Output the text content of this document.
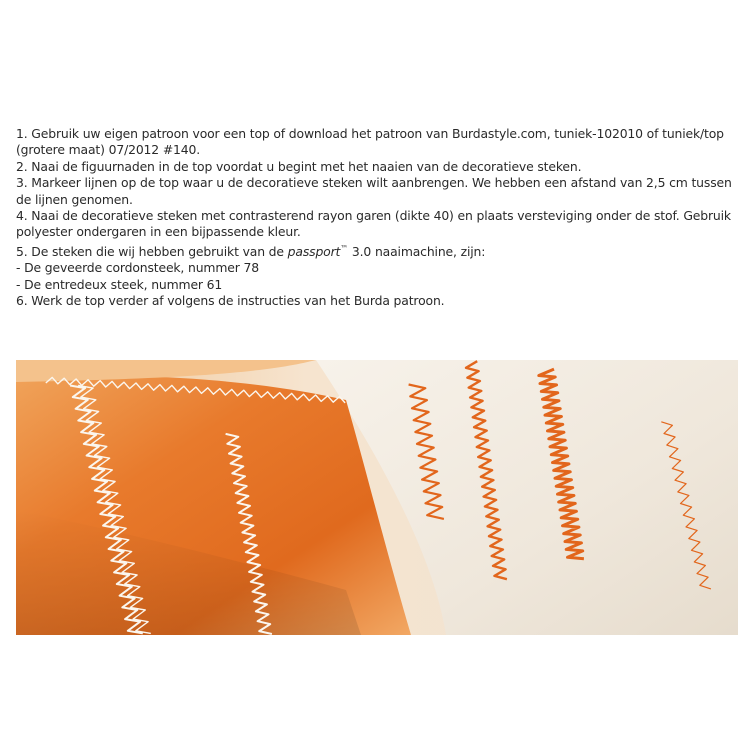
1. Gebruik uw eigen patroon voor een top of download het patroon van Burdastyle.com, tuniek-102010 of tuniek/top (grotere maat) 07/2012 #140.

2. Naai de figuurnaden in de top voordat u begint met het naaien van de decoratieve steken.

3. Markeer lijnen op de top waar u de decoratieve steken wilt aanbrengen. We hebben een afstand van 2,5 cm tussen de lijnen genomen.

4. Naai de decoratieve steken met contrasterend rayon garen (dikte 40) en plaats versteviging onder de stof. Gebruik polyester ondergaren in een bijpassende kleur.

5. De steken die wij hebben gebruikt van de passport™ 3.0 naaimachine, zijn:

- De geveerde cordonsteek, nummer 78

- De entredeux steek, nummer 61

6. Werk de top verder af volgens de instructies van het Burda patroon.
